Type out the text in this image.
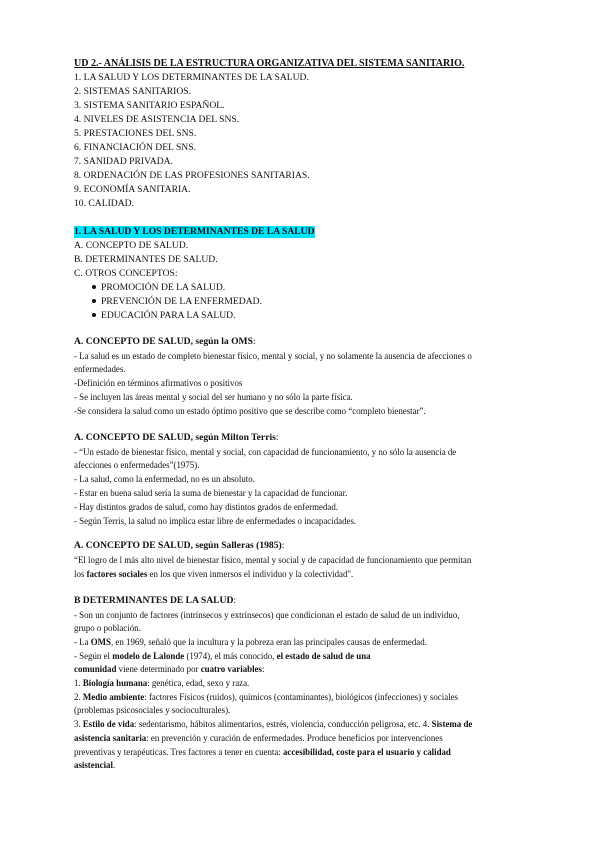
UD 2.- ANÁLISIS DE LA ESTRUCTURA ORGANIZATIVA DEL SISTEMA SANITARIO.
1. LA SALUD Y LOS DETERMINANTES DE LA SALUD.
2. SISTEMAS SANITARIOS.
3. SISTEMA SANITARIO ESPAÑOL.
4. NIVELES DE ASISTENCIA DEL SNS.
5. PRESTACIONES DEL SNS.
6. FINANCIACIÓN DEL SNS.
7. SANIDAD PRIVADA.
8. ORDENACIÓN DE LAS PROFESIONES SANITARIAS.
9. ECONOMÍA SANITARIA.
10. CALIDAD.
1. LA SALUD Y LOS DETERMINANTES DE LA SALUD
A. CONCEPTO DE SALUD.
B. DETERMINANTES DE SALUD.
C. OTROS CONCEPTOS:
PROMOCIÓN DE LA SALUD.
PREVENCIÓN DE LA ENFERMEDAD.
EDUCACIÓN PARA LA SALUD.
A. CONCEPTO DE SALUD, según la OMS:
- La salud es un estado de completo bienestar físico, mental y social, y no solamente la ausencia de afecciones o
enfermedades.
-Definición en términos afirmativos o positivos
- Se incluyen las áreas mental y social del ser humano y no sólo la parte física.
-Se considera la salud como un estado óptimo positivo que se describe como “completo bienestar”.
A. CONCEPTO DE SALUD, según Milton Terris:
- “Un estado de bienestar físico, mental y social, con capacidad de funcionamiento, y no sólo la ausencia de
afecciones o enfermedades”(1975).
- La salud, como la enfermedad, no es un absoluto.
- Estar en buena salud sería la suma de bienestar y la capacidad de funcionar.
- Hay distintos grados de salud, como hay distintos grados de enfermedad.
- Según Terris, la salud no implica estar libre de enfermedades o incapacidades.
A. CONCEPTO DE SALUD, según Salleras (1985):
“El logro de l más alto nivel de bienestar físico, mental y social y de capacidad de funcionamiento que permitan
los factores sociales en los que viven inmersos el individuo y la colectividad".
B DETERMINANTES DE LA SALUD:
- Son un conjunto de factores (intrínsecos y extrínsecos) que condicionan el estado de salud de un individuo,
grupo o población.
- La OMS, en 1969, señaló que la incultura y la pobreza eran las principales causas de enfermedad.
- Según el modelo de Lalonde (1974), el más conocido, el estado de salud de una
comunidad viene determinado por cuatro variables:
1. Biología humana: genética, edad, sexo y raza.
2. Medio ambiente: factores Físicos (ruidos), químicos (contaminantes), biológicos (infecciones) y sociales
(problemas psicosociales y socioculturales).
3. Estilo de vida: sedentarismo, hábitos alimentarios, estrés, violencia, conducción peligrosa, etc. 4. Sistema de
asistencia sanitaria: en prevención y curación de enfermedades. Produce beneficios por intervenciones
preventivas y terapéuticas. Tres factores a tener en cuenta: accesibilidad, coste para el usuario y calidad
asistencial.
